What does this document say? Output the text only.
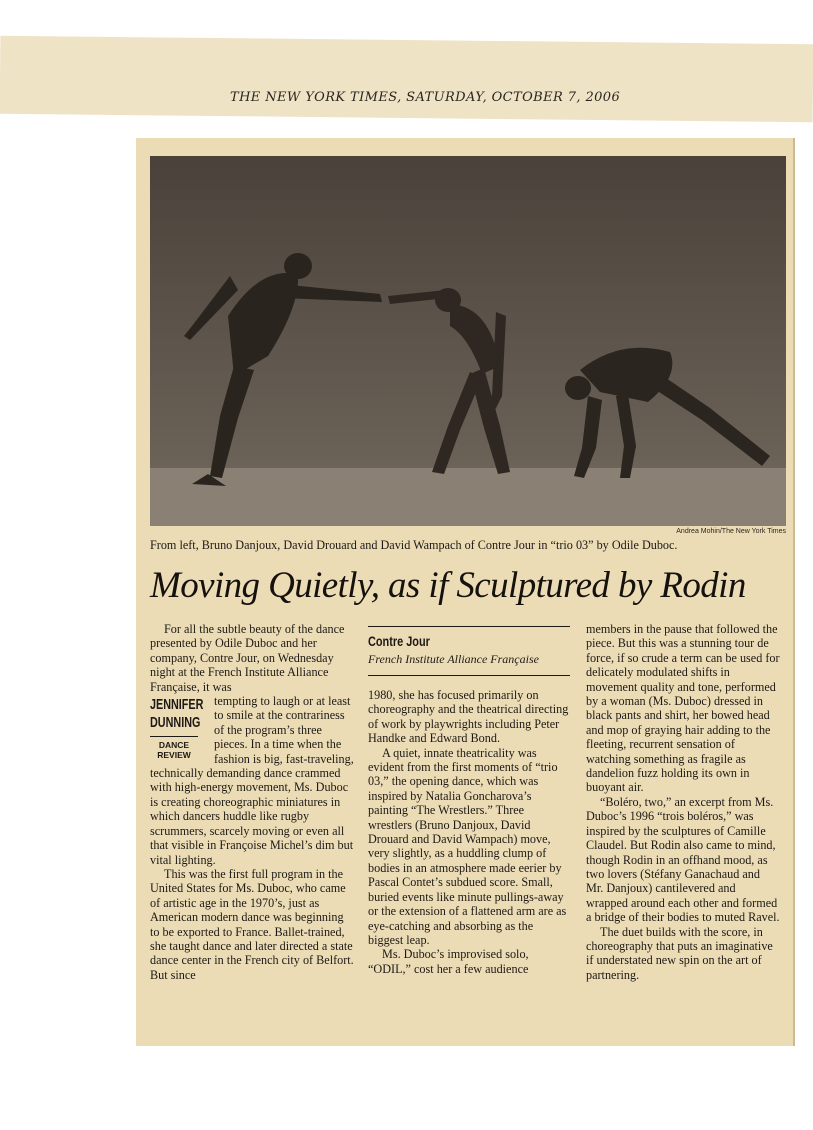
THE NEW YORK TIMES, SATURDAY, OCTOBER 7, 2006
Andrea Mohin/The New York Times
From left, Bruno Danjoux, David Drouard and David Wampach of Contre Jour in “trio 03” by Odile Duboc.
Moving Quietly, as if Sculptured by Rodin

For all the subtle beauty of the dance presented by Odile Duboc and her company, Contre Jour, on Wednesday night at the French Institute Alliance Française, it was

JENNIFER
DUNNING
DANCE
REVIEW
tempting to laugh or at least to smile at the contrariness of the program’s three pieces. In a time when the fashion is big, fast-traveling, technically demanding dance crammed with high-energy movement, Ms. Duboc is creating choreographic miniatures in which dancers huddle like rugby scrummers, scarcely moving or even all that visible in Françoise Michel’s dim but vital lighting.

This was the first full program in the United States for Ms. Duboc, who came of artistic age in the 1970’s, just as American modern dance was beginning to be exported to France. Ballet-trained, she taught dance and later directed a state dance center in the French city of Belfort. But since

Contre Jour
French Institute Alliance Française

1980, she has focused primarily on choreography and the theatrical directing of work by playwrights including Peter Handke and Edward Bond.

A quiet, innate theatricality was evident from the first moments of “trio 03,” the opening dance, which was inspired by Natalia Goncharova’s painting “The Wrestlers.” Three wrestlers (Bruno Danjoux, David Drouard and David Wampach) move, very slightly, as a huddling clump of bodies in an atmosphere made eerier by Pascal Contet’s subdued score. Small, buried events like minute pullings-away or the extension of a flattened arm are as eye-catching and absorbing as the biggest leap.

Ms. Duboc’s improvised solo, “ODIL,” cost her a few audience

members in the pause that followed the piece. But this was a stunning tour de force, if so crude a term can be used for delicately modulated shifts in movement quality and tone, performed by a woman (Ms. Duboc) dressed in black pants and shirt, her bowed head and mop of graying hair adding to the fleeting, recurrent sensation of watching something as fragile as dandelion fuzz holding its own in buoyant air.

“Boléro, two,” an excerpt from Ms. Duboc’s 1996 “trois boléros,” was inspired by the sculptures of Camille Claudel. But Rodin also came to mind, though Rodin in an offhand mood, as two lovers (Stéfany Ganachaud and Mr. Danjoux) cantilevered and wrapped around each other and formed a bridge of their bodies to muted Ravel.

The duet builds with the score, in choreography that puts an imaginative if understated new spin on the art of partnering.
